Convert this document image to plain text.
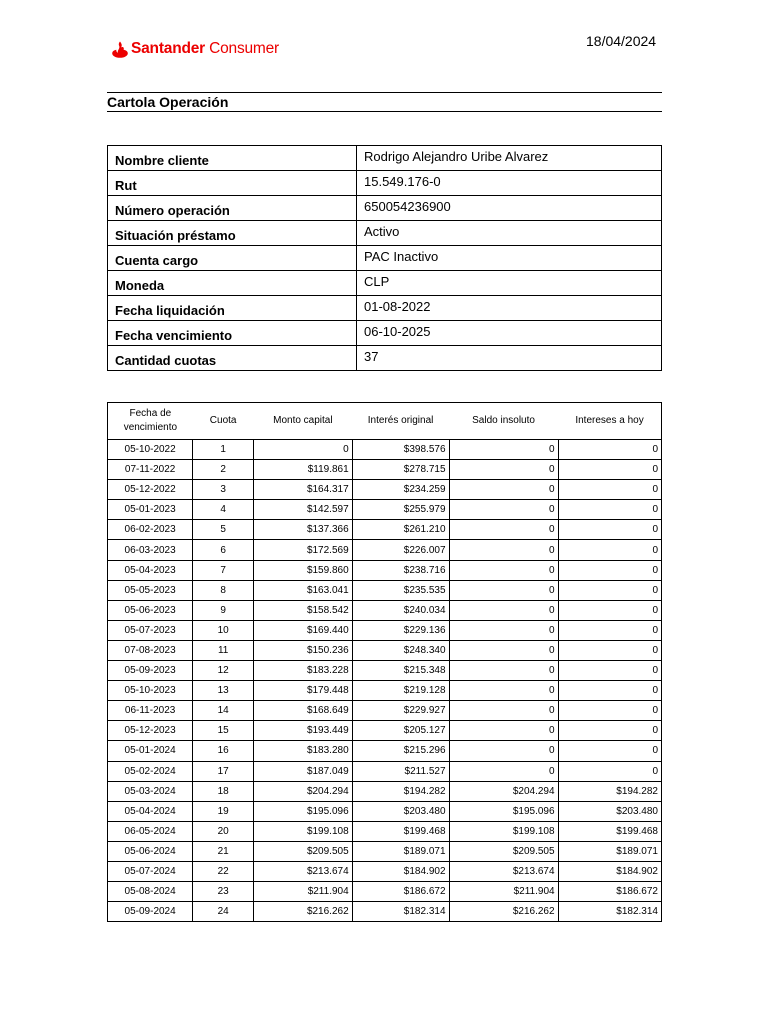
Santander Consumer	18/04/2024
Cartola Operación
Nombre cliente	Rodrigo Alejandro Uribe Alvarez
Rut	15.549.176-0
Número operación	650054236900
Situación préstamo	Activo
Cuenta cargo	PAC Inactivo
Moneda	CLP
Fecha liquidación	01-08-2022
Fecha vencimiento	06-10-2025
Cantidad cuotas	37
Fecha de
vencimiento	Cuota	Monto capital	Interés original	Saldo insoluto	Intereses a hoy
05-10-2022	1	0	$398.576	0	0
07-11-2022	2	$119.861	$278.715	0	0
05-12-2022	3	$164.317	$234.259	0	0
05-01-2023	4	$142.597	$255.979	0	0
06-02-2023	5	$137.366	$261.210	0	0
06-03-2023	6	$172.569	$226.007	0	0
05-04-2023	7	$159.860	$238.716	0	0
05-05-2023	8	$163.041	$235.535	0	0
05-06-2023	9	$158.542	$240.034	0	0
05-07-2023	10	$169.440	$229.136	0	0
07-08-2023	11	$150.236	$248.340	0	0
05-09-2023	12	$183.228	$215.348	0	0
05-10-2023	13	$179.448	$219.128	0	0
06-11-2023	14	$168.649	$229.927	0	0
05-12-2023	15	$193.449	$205.127	0	0
05-01-2024	16	$183.280	$215.296	0	0
05-02-2024	17	$187.049	$211.527	0	0
05-03-2024	18	$204.294	$194.282	$204.294	$194.282
05-04-2024	19	$195.096	$203.480	$195.096	$203.480
06-05-2024	20	$199.108	$199.468	$199.108	$199.468
05-06-2024	21	$209.505	$189.071	$209.505	$189.071
05-07-2024	22	$213.674	$184.902	$213.674	$184.902
05-08-2024	23	$211.904	$186.672	$211.904	$186.672
05-09-2024	24	$216.262	$182.314	$216.262	$182.314
